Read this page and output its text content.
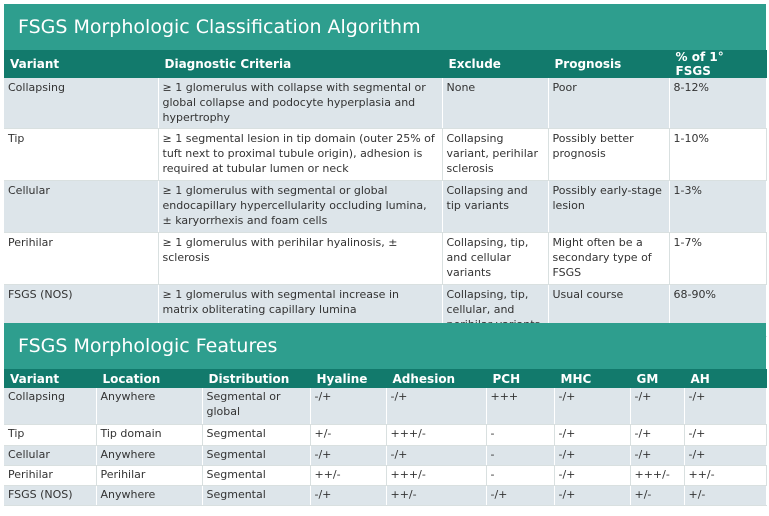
FSGS Morphologic Classification Algorithm
Variant	Diagnostic Criteria	Exclude	Prognosis	% of 1° FSGS
Collapsing	≥ 1 glomerulus with collapse with segmental or global collapse and podocyte hyperplasia and hypertrophy	None	Poor	8-12%
Tip	≥ 1 segmental lesion in tip domain (outer 25% of tuft next to proximal tubule origin), adhesion is required at tubular lumen or neck	Collapsing variant, perihilar sclerosis	Possibly better prognosis	1-10%
Cellular	≥ 1 glomerulus with segmental or global endocapillary hypercellularity occluding lumina, ± karyorrhexis and foam cells	Collapsing and tip variants	Possibly early-stage lesion	1-3%
Perihilar	≥ 1 glomerulus with perihilar hyalinosis, ± sclerosis	Collapsing, tip, and cellular variants	Might often be a secondary type of FSGS	1-7%
FSGS (NOS)	≥ 1 glomerulus with segmental increase in matrix obliterating capillary lumina	Collapsing, tip, cellular, and	Usual course	68-90%
FSGS Morphologic Features
Variant	Location	Distribution	Hyaline	Adhesion	PCH	MHC	GM	AH
Collapsing	Anywhere	Segmental or global	-/+	-/+	+++	-/+	-/+	-/+
Tip	Tip domain	Segmental	+/-	+++/-	-	-/+	-/+	-/+
Cellular	Anywhere	Segmental	-/+	-/+	-	-/+	-/+	-/+
Perihilar	Perihilar	Segmental	++/-	+++/-	-	-/+	+++/-	++/-
FSGS (NOS)	Anywhere	Segmental	-/+	++/-	-/+	-/+	+/-	+/-
